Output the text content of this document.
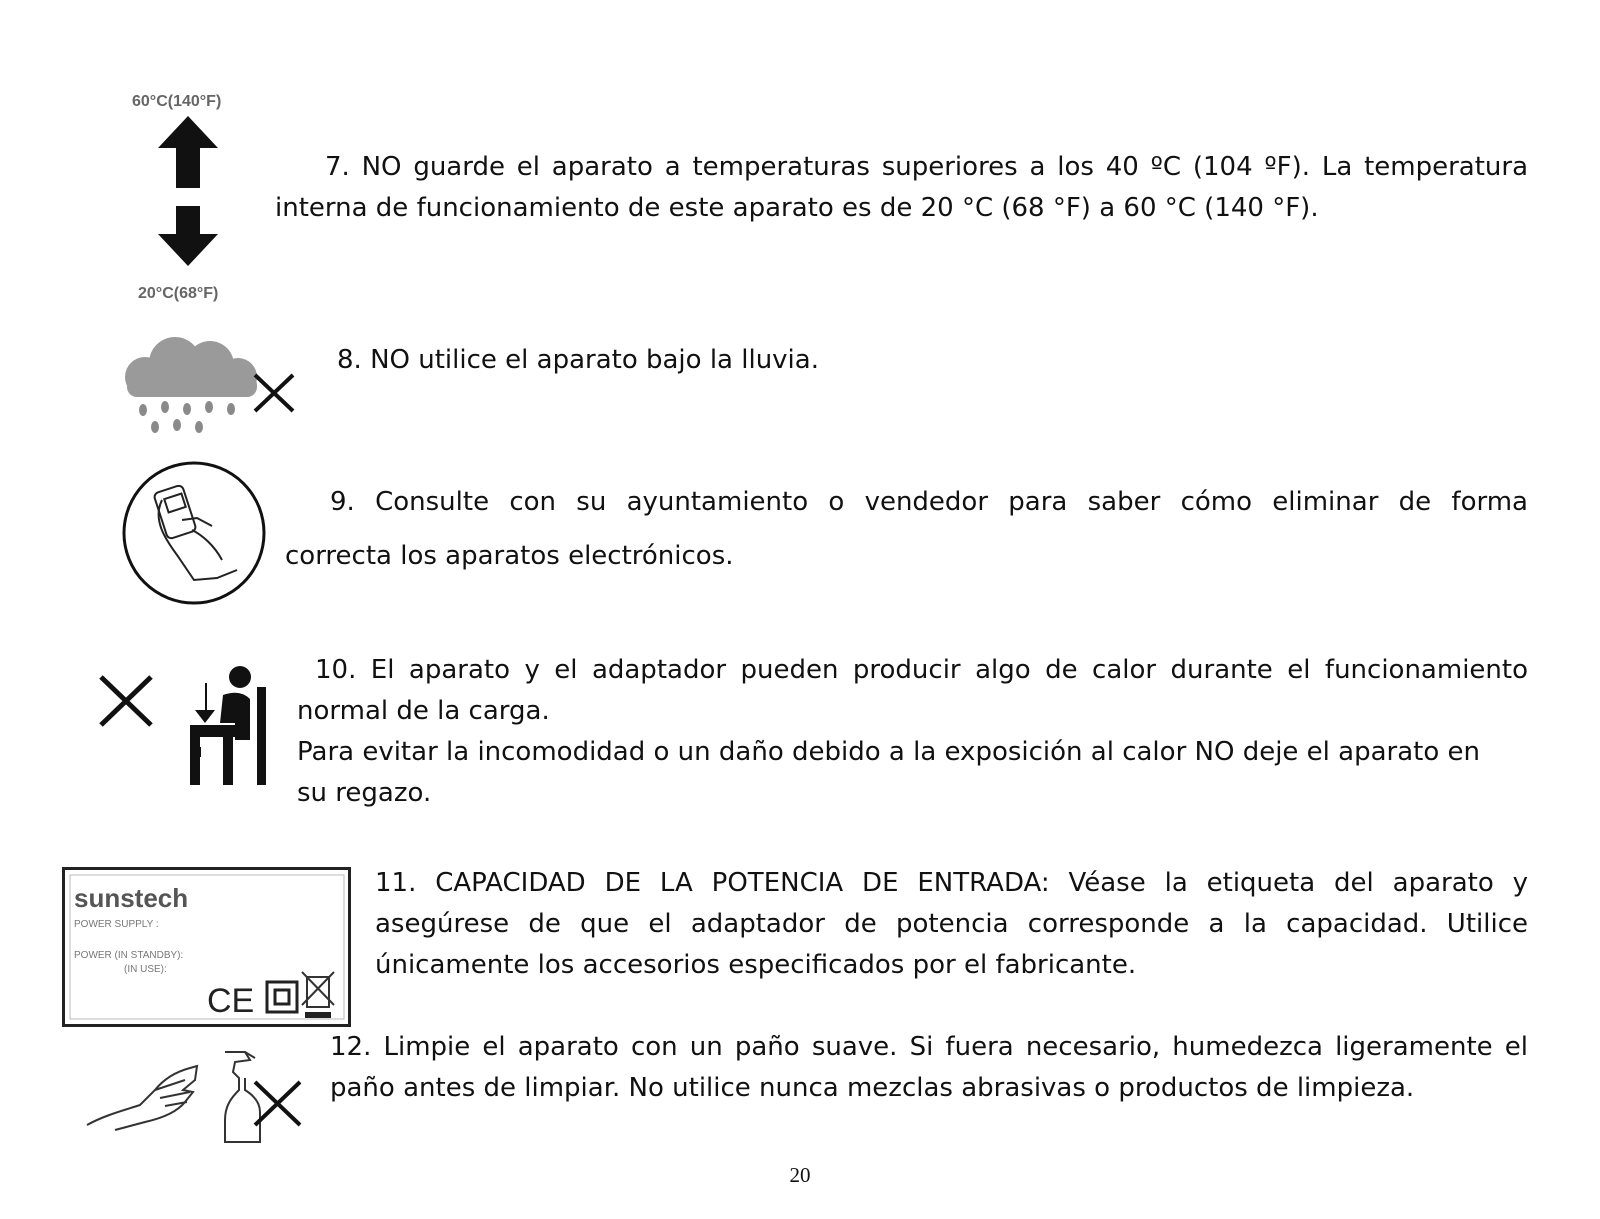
60°C(140°F)
20°C(68°F)
7. NO guarde el aparato a temperaturas superiores a los 40 ºC (104 ºF). La temperatura
interna de funcionamiento de este aparato es de 20 °C (68 °F) a 60 °C (140 °F).
8. NO utilice el aparato bajo la lluvia.
9. Consulte con su ayuntamiento o vendedor para saber cómo eliminar de forma
correcta los aparatos electrónicos.
10. El aparato y el adaptador pueden producir algo de calor durante el funcionamiento
normal de la carga.
Para evitar la incomodidad o un daño debido a la exposición al calor NO deje el aparato en
su regazo.
sunstech
POWER SUPPLY :
POWER (IN STANDBY):
(IN USE):
CE
11. CAPACIDAD DE LA POTENCIA DE ENTRADA: Véase la etiqueta del aparato y
asegúrese de que el adaptador de potencia corresponde a la capacidad. Utilice
únicamente los accesorios especificados por el fabricante.
12. Limpie el aparato con un paño suave. Si fuera necesario, humedezca ligeramente el
paño antes de limpiar. No utilice nunca mezclas abrasivas o productos de limpieza.
20
